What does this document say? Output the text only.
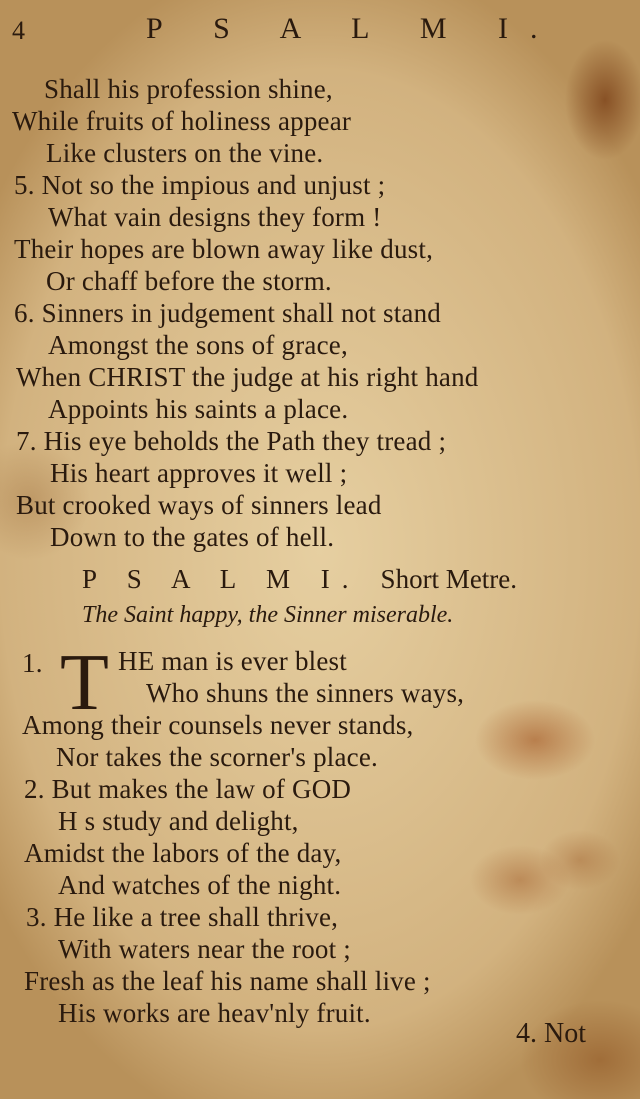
4	P S A L M I.
Shall his profession shine,
While fruits of holiness appear
Like clusters on the vine.
5. Not so the impious and unjust ;
What vain designs they form !
Their hopes are blown away like dust,
Or chaff before the storm.
6. Sinners in judgement shall not stand
Amongst the sons of grace,
When CHRIST the judge at his right hand
Appoints his saints a place.
7. His eye beholds the Path they tread ;
His heart approves it well ;
But crooked ways of sinners lead
Down to the gates of hell.
P S A L M I. Short Metre.
The Saint happy, the Sinner miserable.
1. T HE man is ever blest
Who shuns the sinners ways,
Among their counsels never stands,
Nor takes the scorner's place.
2. But makes the law of GOD
H s study and delight,
Amidst the labors of the day,
And watches of the night.
3. He like a tree shall thrive,
With waters near the root ;
Fresh as the leaf his name shall live ;
His works are heav'nly fruit.
4. Not
